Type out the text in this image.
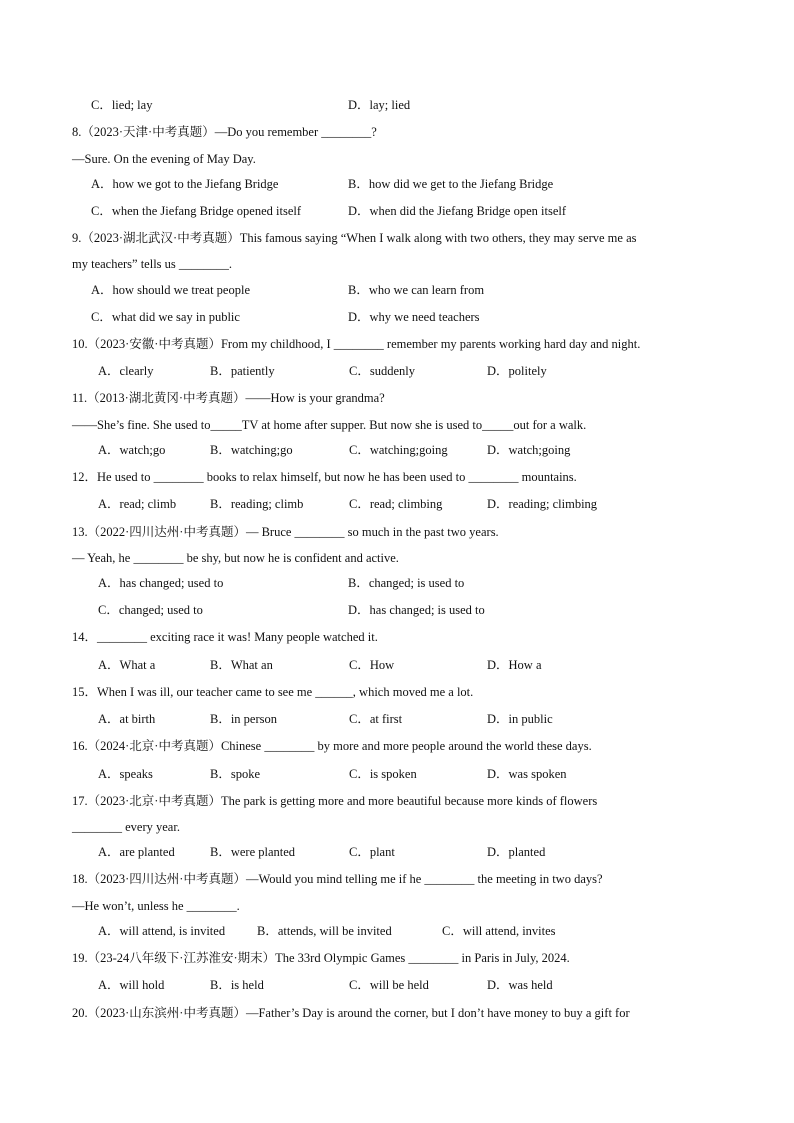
C．lied; lay	D．lay; lied
8.（2023·天津·中考真题）—Do you remember ________?
—Sure. On the evening of May Day.
A．how we got to the Jiefang Bridge	B．how did we get to the Jiefang Bridge
C．when the Jiefang Bridge opened itself	D．when did the Jiefang Bridge open itself
9.（2023·湖北武汉·中考真题）This famous saying “When I walk along with two others, they may serve me as
my teachers” tells us ________.
A．how should we treat people	B．who we can learn from
C．what did we say in public	D．why we need teachers
10.（2023·安徽·中考真题）From my childhood, I ________ remember my parents working hard day and night.
A．clearly	B．patiently	C．suddenly	D．politely
11.（2013·湖北黄冈·中考真题）——How is your grandma?
——She’s fine. She used to_____TV at home after supper. But now she is used to_____out for a walk.
A．watch;go	B．watching;go	C．watching;going	D．watch;going
12．He used to ________ books to relax himself, but now he has been used to ________ mountains.
A．read; climb	B．reading; climb	C．read; climbing	D．reading; climbing
13.（2022·四川达州·中考真题）— Bruce ________ so much in the past two years.
— Yeah, he ________ be shy, but now he is confident and active.
A．has changed; used to	B．changed; is used to
C．changed; used to	D．has changed; is used to
14．________ exciting race it was! Many people watched it.
A．What a	B．What an	C．How	D．How a
15．When I was ill, our teacher came to see me ______, which moved me a lot.
A．at birth	B．in person	C．at first	D．in public
16.（2024·北京·中考真题）Chinese ________ by more and more people around the world these days.
A．speaks	B．spoke	C．is spoken	D．was spoken
17.（2023·北京·中考真题）The park is getting more and more beautiful because more kinds of flowers
________ every year.
A．are planted	B．were planted	C．plant	D．planted
18.（2023·四川达州·中考真题）—Would you mind telling me if he ________ the meeting in two days?
—He won’t, unless he ________.
A．will attend, is invited	B．attends, will be invited	C．will attend, invites
19.（23-24八年级下·江苏淮安·期末）The 33rd Olympic Games ________ in Paris in July, 2024.
A．will hold	B．is held	C．will be held	D．was held
20.（2023·山东滨州·中考真题）—Father’s Day is around the corner, but I don’t have money to buy a gift for
